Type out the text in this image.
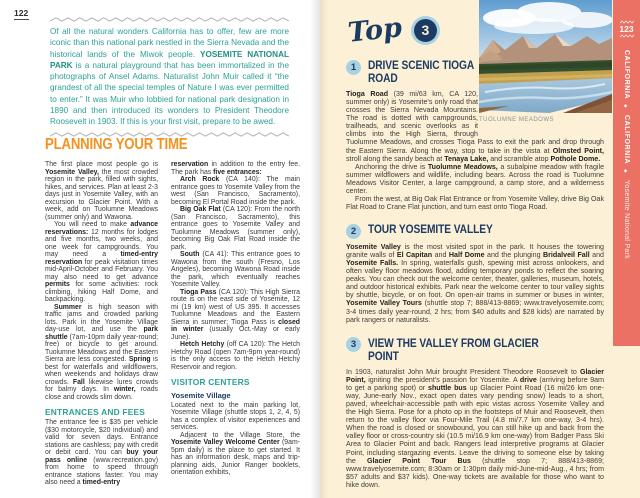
122

Of all the natural wonders California has to offer, few are more iconic than this national park nestled in the Sierra Nevada and the historical lands of the Miwok people. YOSEMITE NATIONAL PARK is a natural playground that has been immortalized in the photographs of Ansel Adams. Naturalist John Muir called it “the grandest of all the special temples of Nature I was ever permitted to enter.” It was Muir who lobbied for national park designation in 1890 and then introduced its wonders to President Theodore Roosevelt in 1903. If this is your first visit, prepare to be awed.

PLANNING YOUR TIME

The first place most people go is Yosemite Valley, the most crowded region in the park, filled with sights, hikes, and services. Plan at least 2-3 days just in Yosemite Valley, with an excursion to Glacier Point. With a week, add on Tuolumne Meadows (summer only) and Wawona.

You will need to make advance reservations: 12 months for lodges and five months, two weeks, and one week for campgrounds. You may need a timed-entry reservation for peak visitation times mid-April-October and February. You may also need to get advance permits for some activities: rock climbing, hiking Half Dome, and backpacking.

Summer is high season with traffic jams and crowded parking lots. Park in the Yosemite Village day-use lot, and use the park shuttle (7am-10pm daily year-round; free) or bicycle to get around. Tuolumne Meadows and the Eastern Sierra are less congested. Spring is best for waterfalls and wildflowers, when weekends and holidays draw crowds. Fall likewise lures crowds for balmy days. In winter, roads close and crowds slim down.

ENTRANCES AND FEES

The entrance fee is $35 per vehicle ($30 motorcycle, $20 individual) and valid for seven days. Entrance stations are cashless; pay with credit or debit card. You can buy your pass online (www.recreation.gov) from home to speed through entrance stations faster. You may also need a timed-entry

reservation in addition to the entry fee. The park has five entrances:

Arch Rock (CA 140): The main entrance goes to Yosemite Valley from the west (San Francisco, Sacramento), becoming El Portal Road inside the park.

Big Oak Flat (CA 120): From the north (San Francisco, Sacramento), this entrance goes to Yosemite Valley and Tuolumne Meadows (summer only), becoming Big Oak Flat Road inside the park.

South (CA 41): This entrance goes to Wawona from the south (Fresno, Los Angeles), becoming Wawona Road inside the park, which eventually reaches Yosemite Valley.

Tioga Pass (CA 120): This High Sierra route is on the east side of Yosemite, 12 mi (19 km) west of US 395. It accesses Tuolumne Meadows and the Eastern Sierra in summer; Tioga Pass is closed in winter (usually Oct.-May or early June).

Hetch Hetchy (off CA 120): The Hetch Hetchy Road (open 7am-9pm year-round) is the only access to the Hetch Hetchy Reservoir and region.

VISITOR CENTERS
Yosemite Village

Located next to the main parking lot, Yosemite Village (shuttle stops 1, 2, 4, 5) has a complex of visitor experiences and services.

Adjacent to the Village Store, the Yosemite Valley Welcome Center (9am-5pm daily) is the place to get started. It has an information desk, maps and trip-planning aids, Junior Ranger booklets, orientation exhibits,

TUOLUMNE MEADOWS
123
CALIFORNIA
◆
CALIFORNIA
◆
Yosemite National Park
Top	3
1 DRIVE SCENIC TIOGA ROAD

Tioga Road (39 mi/63 km, CA 120, summer only) is Yosemite’s only road that crosses the Sierra Nevada Mountains. The road is dotted with campgrounds, trailheads, and scenic overlooks as it climbs into the High Sierra, through Tuolumne Meadows, and crosses Tioga Pass to exit the park and drop through the Eastern Sierra. Along the way, stop to take in the vista at Olmsted Point, stroll along the sandy beach at Tenaya Lake, and scramble atop Pothole Dome.

Anchoring the drive is Tuolumne Meadows, a subalpine meadow with fragile summer wildflowers and wildlife, including bears. Across the road is Tuolumne Meadows Visitor Center, a large campground, a camp store, and a wilderness center.

From the west, at Big Oak Flat Entrance or from Yosemite Valley, drive Big Oak Flat Road to Crane Flat junction, and turn east onto Tioga Road.

2 TOUR YOSEMITE VALLEY

Yosemite Valley is the most visited spot in the park. It houses the towering granite walls of El Capitan and Half Dome and the plunging Bridalveil Fall and Yosemite Falls. In spring, waterfalls gush, spewing mist across onlookers, and often valley floor meadows flood, adding temporary ponds to reflect the soaring peaks. You can check out the welcome center, theater, galleries, museum, hotels, and outdoor historical exhibits. Park near the welcome center to tour valley sights by shuttle, bicycle, or on foot. On open-air trams in summer or buses in winter, Yosemite Valley Tours (shuttle stop 7; 888/413-8869; www.travelyosemite.com; 3-4 times daily year-round, 2 hrs; from $40 adults and $28 kids) are narrated by park rangers or naturalists.

3 VIEW THE VALLEY FROM GLACIER POINT

In 1903, naturalist John Muir brought President Theodore Roosevelt to Glacier Point, igniting the president’s passion for Yosemite. A drive (arriving before 9am to get a parking spot) or shuttle bus up Glacier Point Road (16 mi/26 km one-way, June-early Nov., exact open dates vary pending snow) leads to a short, paved, wheelchair-accessible path with epic vistas across Yosemite Valley and the High Sierra. Pose for a photo op in the footsteps of Muir and Roosevelt, then return to the valley floor via Four-Mile Trail (4.8 mi/7.7 km one-way, 3-4 hrs). When the road is closed or snowbound, you can still hike up and back from the valley floor or cross-country ski (10.5 mi/16.9 km one-way) from Badger Pass Ski Area to Glacier Point and back. Rangers lead interpretive programs at Glacier Point, including stargazing events. Leave the driving to someone else by taking the Glacier Point Tour Bus (shuttle stop 7; 888/413-8869; www.travelyosemite.com; 8:30am or 1:30pm daily mid-June-mid-Aug., 4 hrs; from $57 adults and $37 kids). One-way tickets are available for those who want to hike down.
